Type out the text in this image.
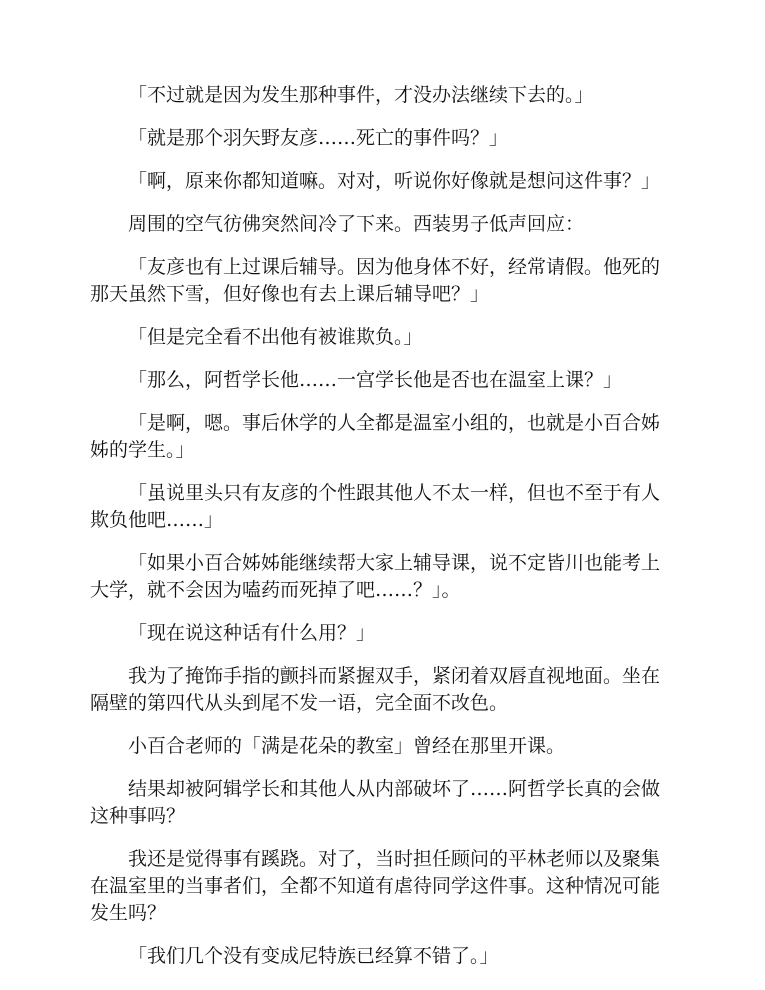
「不过就是因为发生那种事件，才没办法继续下去的。」

「就是那个羽矢野友彦……死亡的事件吗？」

「啊，原来你都知道嘛。对对，听说你好像就是想问这件事？」

周围的空气彷佛突然间冷了下来。西装男子低声回应：

「友彦也有上过课后辅导。因为他身体不好，经常请假。他死的那天虽然下雪，但好像也有去上课后辅导吧？」

「但是完全看不出他有被谁欺负。」

「那么，阿哲学长他……一宫学长他是否也在温室上课？」

「是啊，嗯。事后休学的人全都是温室小组的，也就是小百合姊姊的学生。」

「虽说里头只有友彦的个性跟其他人不太一样，但也不至于有人欺负他吧……」

「如果小百合姊姊能继续帮大家上辅导课，说不定皆川也能考上大学，就不会因为嗑药而死掉了吧……？」。

「现在说这种话有什么用？」

我为了掩饰手指的颤抖而紧握双手，紧闭着双唇直视地面。坐在隔壁的第四代从头到尾不发一语，完全面不改色。

小百合老师的「满是花朵的教室」曾经在那里开课。

结果却被阿辑学长和其他人从内部破坏了……阿哲学长真的会做这种事吗？

我还是觉得事有蹊跷。对了，当时担任顾问的平林老师以及聚集在温室里的当事者们，全都不知道有虐待同学这件事。这种情况可能发生吗？

「我们几个没有变成尼特族已经算不错了。」
